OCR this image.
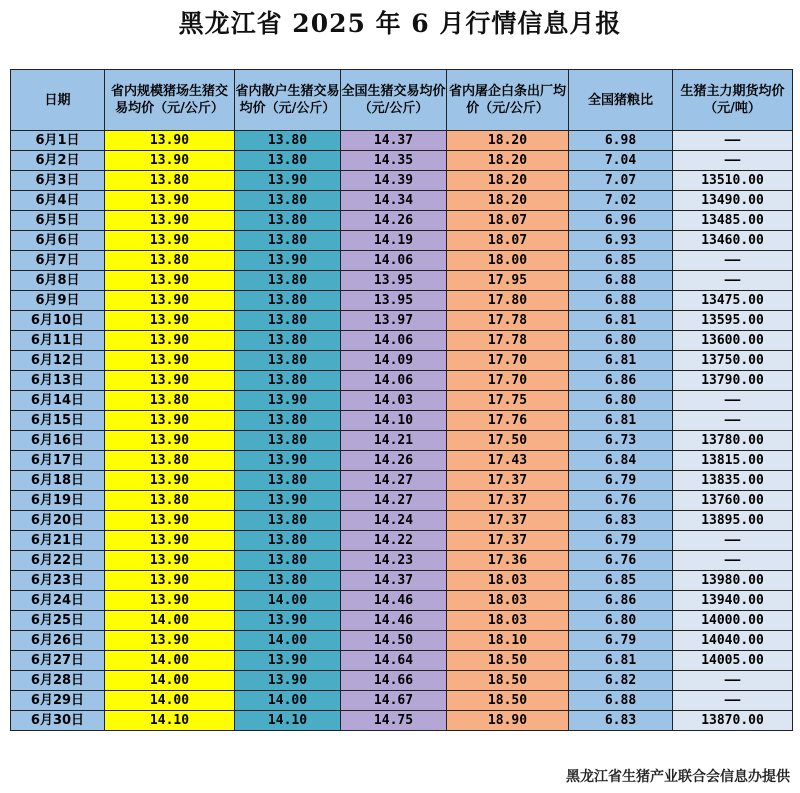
黑龙江省 2025 年 6 月行情信息月报
日期	省内规模猪场生猪交易均价（元/公斤）	省内散户生猪交易均价（元/公斤）	全国生猪交易均价（元/公斤）	省内屠企白条出厂均价（元/公斤）	全国猪粮比	生猪主力期货均价（元/吨）
6月1日	13.90	13.80	14.37	18.20	6.98	——
6月2日	13.90	13.80	14.35	18.20	7.04	——
6月3日	13.80	13.90	14.39	18.20	7.07	13510.00
6月4日	13.90	13.80	14.34	18.20	7.02	13490.00
6月5日	13.90	13.80	14.26	18.07	6.96	13485.00
6月6日	13.90	13.80	14.19	18.07	6.93	13460.00
6月7日	13.80	13.90	14.06	18.00	6.85	——
6月8日	13.90	13.80	13.95	17.95	6.88	——
6月9日	13.90	13.80	13.95	17.80	6.88	13475.00
6月10日	13.90	13.80	13.97	17.78	6.81	13595.00
6月11日	13.90	13.80	14.06	17.78	6.80	13600.00
6月12日	13.90	13.80	14.09	17.70	6.81	13750.00
6月13日	13.90	13.80	14.06	17.70	6.86	13790.00
6月14日	13.80	13.90	14.03	17.75	6.80	——
6月15日	13.90	13.80	14.10	17.76	6.81	——
6月16日	13.90	13.80	14.21	17.50	6.73	13780.00
6月17日	13.80	13.90	14.26	17.43	6.84	13815.00
6月18日	13.90	13.80	14.27	17.37	6.79	13835.00
6月19日	13.80	13.90	14.27	17.37	6.76	13760.00
6月20日	13.90	13.80	14.24	17.37	6.83	13895.00
6月21日	13.90	13.80	14.22	17.37	6.79	——
6月22日	13.90	13.80	14.23	17.36	6.76	——
6月23日	13.90	13.80	14.37	18.03	6.85	13980.00
6月24日	13.90	14.00	14.46	18.03	6.86	13940.00
6月25日	14.00	13.90	14.46	18.03	6.80	14000.00
6月26日	13.90	14.00	14.50	18.10	6.79	14040.00
6月27日	14.00	13.90	14.64	18.50	6.81	14005.00
6月28日	14.00	13.90	14.66	18.50	6.82	——
6月29日	14.00	14.00	14.67	18.50	6.88	——
6月30日	14.10	14.10	14.75	18.90	6.83	13870.00
黑龙江省生猪产业联合会信息办提供
